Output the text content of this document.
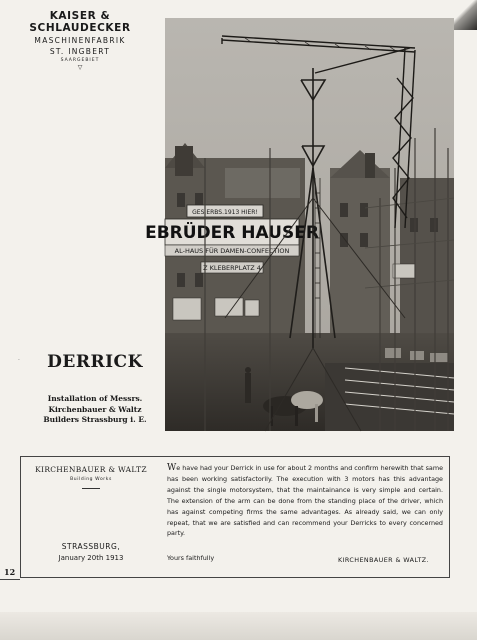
KAISER & SCHLAUDECKER
MASCHINENFABRIK
ST. INGBERT
SAARGEBIET
▽
GES.ERBS.1913 HIER!
EBRÜDER HAUSER
AL-HAUS FÜR DAMEN-CONFECTION
Z KLEBERPLATZ 4
·	DERRICK
Installation of Messrs.
Kirchenbauer & Waltz
Builders Strassburg i. E.
KIRCHENBAUER & WALTZ
Building Works
STRASSBURG,
January 20th 1913
We have had your Derrick in use for about 2 months and confirm herewith that same has been working satisfactorily. The execution with 3 motors has this advantage against the single motorsystem, that the maintainance is very simple and certain. The extension of the arm can be done from the standing place of the driver, which has against competing firms the same advantages. As already said, we can only repeat, that we are satisfied and can recommend your Derricks to every concerned party.
Yours faithfully	KIRCHENBAUER & WALTZ.
12
